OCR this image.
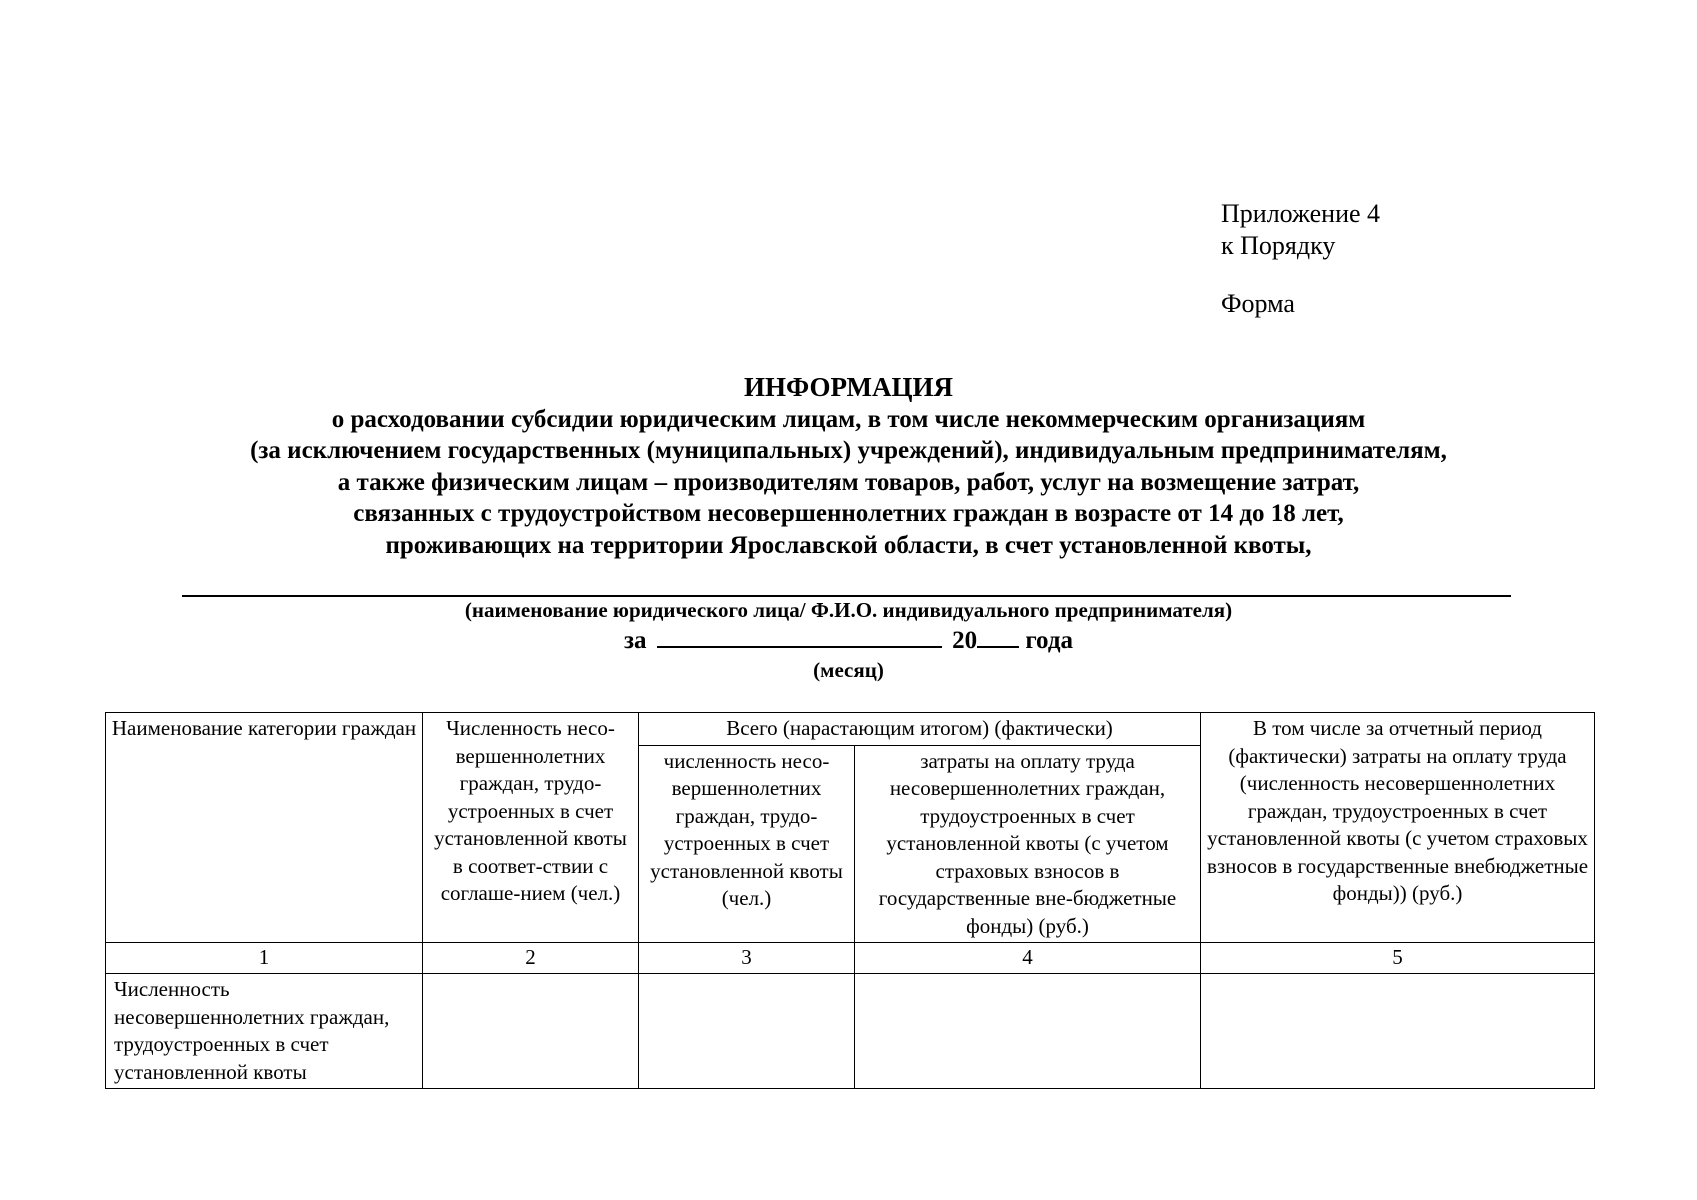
Приложение 4
к Порядку
Форма
ИНФОРМАЦИЯ
о расходовании субсидии юридическим лицам, в том числе некоммерческим организациям
(за исключением государственных (муниципальных) учреждений), индивидуальным предпринимателям,
а также физическим лицам – производителям товаров, работ, услуг на возмещение затрат,
связанных с трудоустройством несовершеннолетних граждан в возрасте от 14 до 18 лет,
проживающих на территории Ярославской области, в счет установленной квоты,
(наименование юридического лица/ Ф.И.О. индивидуального предпринимателя)
за	20 года
(месяц)
Наименование категории граждан	Численность несо-вершеннолетних граждан, трудо-устроенных в счет установленной квоты в соответ-ствии с соглаше-нием (чел.)	Всего (нарастающим итогом) (фактически)		В том числе за отчетный период (фактически) затраты на оплату труда (численность несовершеннолетних граждан, трудоустроенных в счет установленной квоты (с учетом страховых взносов в государственные внебюджетные фонды)) (руб.)
		численность несо-вершеннолетних граждан, трудо-устроенных в счет установленной квоты (чел.)	затраты на оплату труда несовершеннолетних граждан, трудоустроенных в счет установленной квоты (с учетом страховых взносов в государственные вне-бюджетные фонды) (руб.)	
1	2	3	4	5
Численность несовершеннолетних граждан, трудоустроенных в счет установленной квоты				
